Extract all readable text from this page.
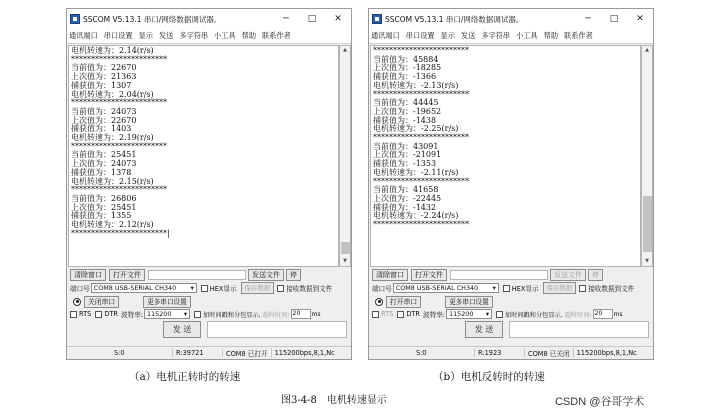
SSCOM V5.13.1 串口/网络数据调试器,	─	□	✕
通讯端口 串口设置 显示 发送 多字符串 小工具 帮助 联系作者
电机转速为：2.14(r/s)
************************
当前值为：22670
上次值为：21363
捕获值为：1307
电机转速为：2.04(r/s)
************************
当前值为：24073
上次值为：22670
捕获值为：1403
电机转速为：2.19(r/s)
************************
当前值为：25451
上次值为：24073
捕获值为：1378
电机转速为：2.15(r/s)
************************
当前值为：26806
上次值为：25451
捕获值为：1355
电机转速为：2.12(r/s)
************************|
▲
▼
清除窗口	打开文件	发送文件	停
端口号 COM8 USB-SERIAL CH340 ▾ HEX显示	保存数据	接收数据到文件
关闭串口	更多串口设置
RTS DTR 波特率: 115200 ▾	加时间戳和分包显示, 超时时间: 20	ms
发 送
S:0	R:39721	COM8 已打开	115200bps,8,1,Nc
SSCOM V5.13.1 串口/网络数据调试器,	─	□	✕
通讯端口 串口设置 显示 发送 多字符串 小工具 帮助 联系作者
************************
当前值为：45884
上次值为：-18285
捕获值为：-1366
电机转速为：-2.13(r/s)
************************
当前值为：44445
上次值为：-19652
捕获值为：-1438
电机转速为：-2.25(r/s)
************************
当前值为：43091
上次值为：-21091
捕获值为：-1353
电机转速为：-2.11(r/s)
************************
当前值为：41658
上次值为：-22445
捕获值为：-1432
电机转速为：-2.24(r/s)
************************
▲
▼
清除窗口	打开文件	发送文件	停
端口号 COM8 USB-SERIAL CH340 ▾ HEX显示	保存数据	接收数据到文件
打开串口	更多串口设置
RTS DTR 波特率: 115200 ▾	加时间戳和分包显示, 超时时间: 20	ms
发 送
S:0	R:1923	COM8 已关闭	115200bps,8,1,Nc
（a）电机正转时的转速	（b）电机反转时的转速
图3-4-8　电机转速显示	CSDN @谷哥学术
